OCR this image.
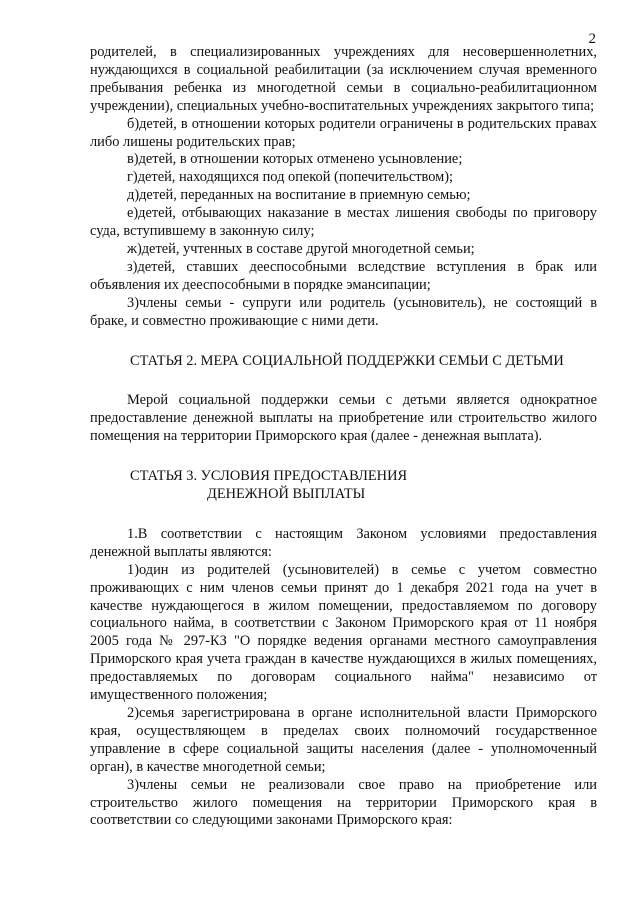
2

родителей, в специализированных учреждениях для несовершеннолетних, нуждающихся в социальной реабилитации (за исключением случая временного пребывания ребенка из многодетной семьи в социально-реабилитационном учреждении), специальных учебно-воспитательных учреждениях закрытого типа;

б)детей, в отношении которых родители ограничены в родительских правах либо лишены родительских прав;

в)детей, в отношении которых отменено усыновление;

г)детей, находящихся под опекой (попечительством);

д)детей, переданных на воспитание в приемную семью;

е)детей, отбывающих наказание в местах лишения свободы по приговору суда, вступившему в законную силу;

ж)детей, учтенных в составе другой многодетной семьи;

з)детей, ставших дееспособными вследствие вступления в брак или объявления их дееспособными в порядке эмансипации;

3)члены семьи - супруги или родитель (усыновитель), не состоящий в браке, и совместно проживающие с ними дети.

СТАТЬЯ 2. МЕРА СОЦИАЛЬНОЙ ПОДДЕРЖКИ СЕМЬИ С ДЕТЬМИ

Мерой социальной поддержки семьи с детьми является однократное предоставление денежной выплаты на приобретение или строительство жилого помещения на территории Приморского края (далее - денежная выплата).

СТАТЬЯ 3. УСЛОВИЯ ПРЕДОСТАВЛЕНИЯ
ДЕНЕЖНОЙ ВЫПЛАТЫ

1.В соответствии с настоящим Законом условиями предоставления денежной выплаты являются:

1)один из родителей (усыновителей) в семье с учетом совместно проживающих с ним членов семьи принят до 1 декабря 2021 года на учет в качестве нуждающегося в жилом помещении, предоставляемом по договору социального найма, в соответствии с Законом Приморского края от 11 ноября 2005 года № 297-КЗ "О порядке ведения органами местного самоуправления Приморского края учета граждан в качестве нуждающихся в жилых помещениях, предоставляемых по договорам социального найма" независимо от имущественного положения;

2)семья зарегистрирована в органе исполнительной власти Приморского края, осуществляющем в пределах своих полномочий государственное управление в сфере социальной защиты населения (далее - уполномоченный орган), в качестве многодетной семьи;

3)члены семьи не реализовали свое право на приобретение или строительство жилого помещения на территории Приморского края в соответствии со следующими законами Приморского края:
